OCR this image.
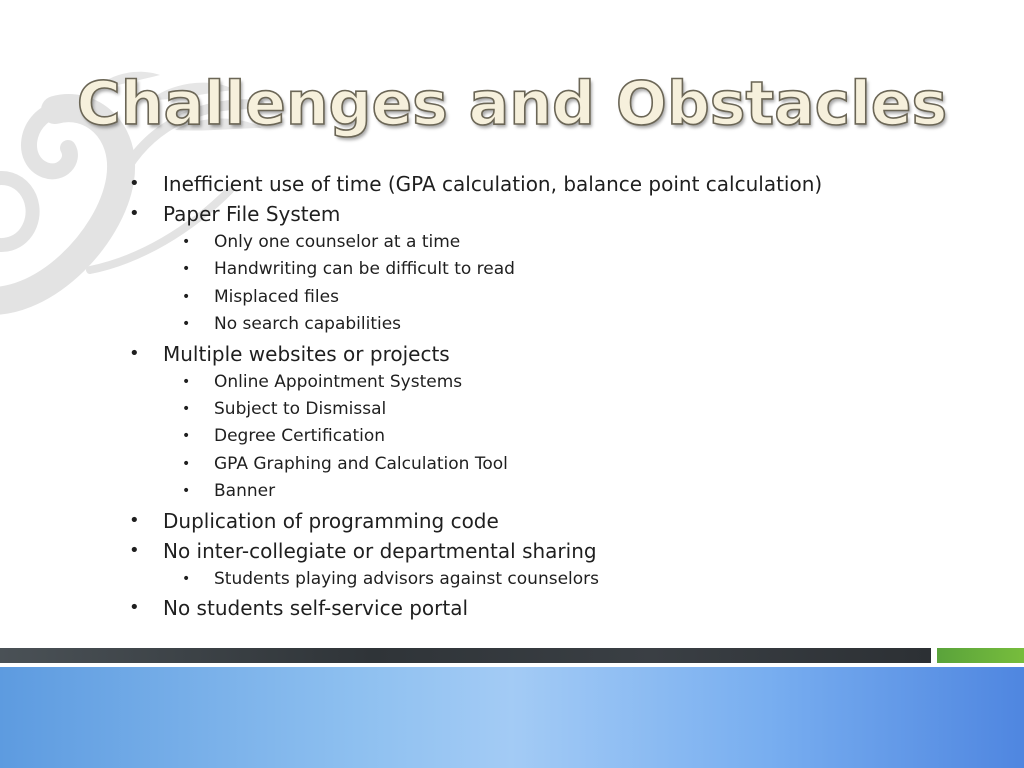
Challenges and Obstacles
• Inefficient use of time (GPA calculation, balance point calculation)
• Paper File System
• Only one counselor at a time
• Handwriting can be difficult to read
• Misplaced files
• No search capabilities
• Multiple websites or projects
• Online Appointment Systems
• Subject to Dismissal
• Degree Certification
• GPA Graphing and Calculation Tool
• Banner
• Duplication of programming code
• No inter-collegiate or departmental sharing
• Students playing advisors against counselors
• No students self-service portal
